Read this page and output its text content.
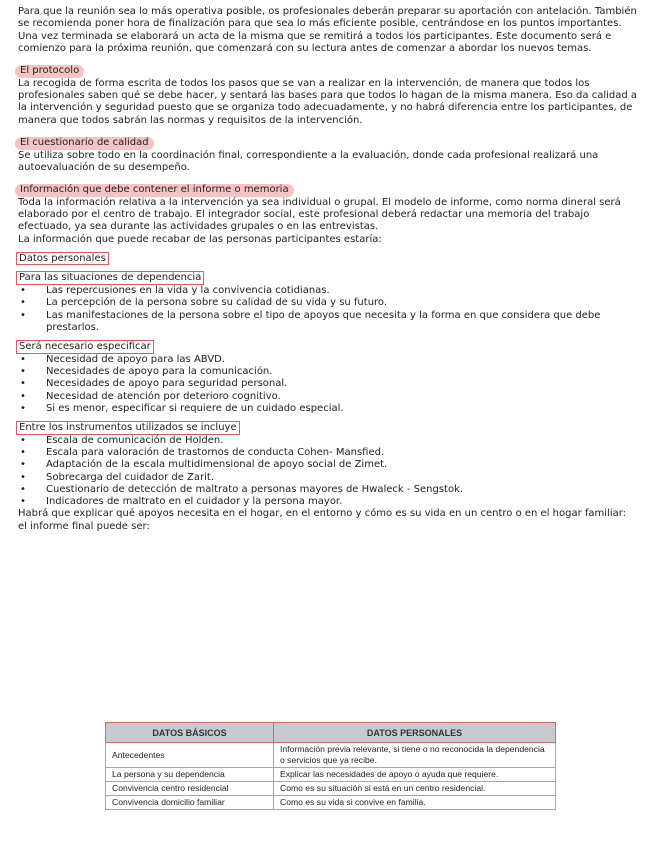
Para que la reunión sea lo más operativa posible, os profesionales deberán preparar su aportación con antelación. También se recomienda poner hora de finalización para que sea lo más eficiente posible, centrándose en los puntos importantes.

Una vez terminada se elaborará un acta de la misma que se remitirá a todos los participantes. Este documento será e comienzo para la próxima reunión, que comenzará con su lectura antes de comenzar a abordar los nuevos temas.

El protocolo

La recogida de forma escrita de todos los pasos que se van a realizar en la intervención, de manera que todos los profesionales saben qué se debe hacer, y sentará las bases para que todos lo hagan de la misma manera. Eso da calidad a la intervención y seguridad puesto que se organiza todo adecuadamente, y no habrá diferencia entre los participantes, de manera que todos sabrán las normas y requisitos de la intervención.

El cuestionario de calidad

Se utiliza sobre todo en la coordinación final, correspondiente a la evaluación, donde cada profesional realizará una autoevaluación de su desempeño.

Información que debe contener el informe o memoria

Toda la información relativa a la intervención ya sea individual o grupal. El modelo de informe, como norma dineral será elaborado por el centro de trabajo. El integrador social, este profesional deberá redactar una memoria del trabajo efectuado, ya sea durante las actividades grupales o en las entrevistas.

La información que puede recabar de las personas participantes estaría:

Datos personales
Para las situaciones de dependencia
• Las repercusiones en la vida y la convivencia cotidianas.
• La percepción de la persona sobre su calidad de su vida y su futuro.
• Las manifestaciones de la persona sobre el tipo de apoyos que necesita y la forma en que considera que debe prestarlos.
Será necesario especificar
• Necesidad de apoyo para las ABVD.
• Necesidades de apoyo para la comunicación.
• Necesidades de apoyo para seguridad personal.
• Necesidad de atención por deterioro cognitivo.
• Si es menor, especificar si requiere de un cuidado especial.
Entre los instrumentos utilizados se incluye
• Escala de comunicación de Holden.
• Escala para valoración de trastornos de conducta Cohen- Mansfied.
• Adaptación de la escala multidimensional de apoyo social de Zimet.
• Sobrecarga del cuidador de Zarit.
• Cuestionario de detección de maltrato a personas mayores de Hwaleck - Sengstok.
• Indicadores de maltrato en el cuidador y la persona mayor.

Habrá que explicar qué apoyos necesita en el hogar, en el entorno y cómo es su vida en un centro o en el hogar familiar: el informe final puede ser:

DATOS BÁSICOS	DATOS PERSONALES
Antecedentes	Información previa relevante, si tiene o no reconocida la dependencia o servicios que ya recibe.
La persona y su dependencia	Explicar las necesidades de apoyo o ayuda que requiere.
Convivencia centro residencial	Como es su situación si está en un centro residencial.
Convivencia domicilio familiar	Como es su vida si convive en familia.
